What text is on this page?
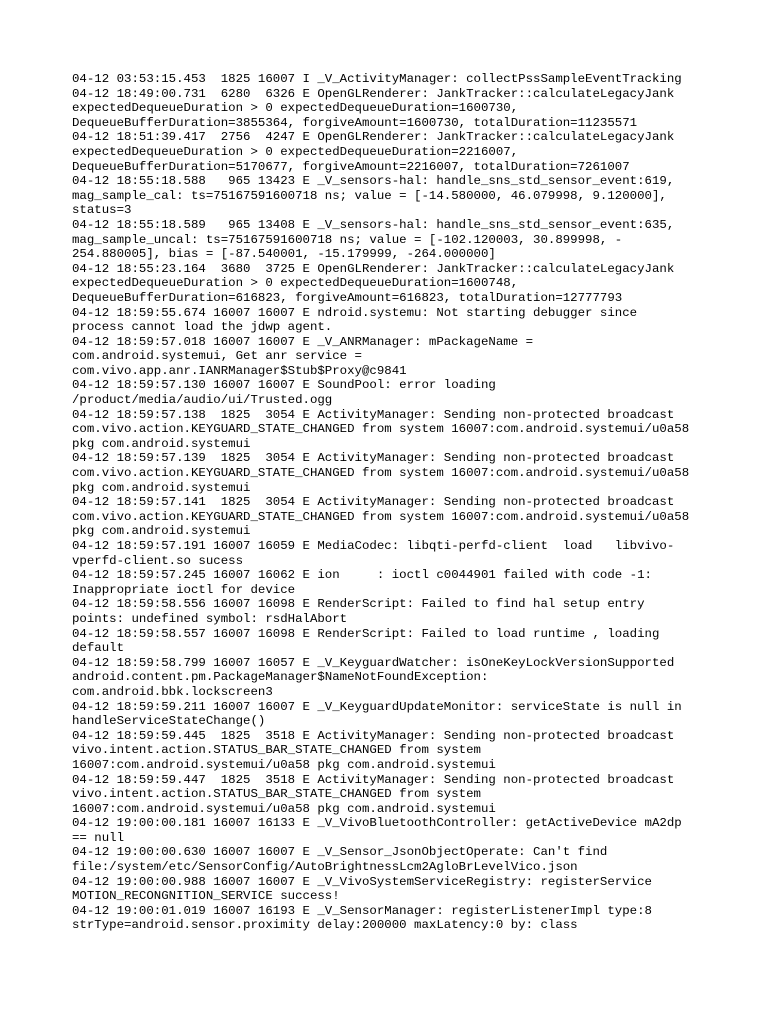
04-12 03:53:15.453  1825 16007 I _V_ActivityManager: collectPssSampleEventTracking
04-12 18:49:00.731  6280  6326 E OpenGLRenderer: JankTracker::calculateLegacyJank
expectedDequeueDuration > 0 expectedDequeueDuration=1600730,
DequeueBufferDuration=3855364, forgiveAmount=1600730, totalDuration=11235571
04-12 18:51:39.417  2756  4247 E OpenGLRenderer: JankTracker::calculateLegacyJank
expectedDequeueDuration > 0 expectedDequeueDuration=2216007,
DequeueBufferDuration=5170677, forgiveAmount=2216007, totalDuration=7261007
04-12 18:55:18.588   965 13423 E _V_sensors-hal: handle_sns_std_sensor_event:619,
mag_sample_cal: ts=75167591600718 ns; value = [-14.580000, 46.079998, 9.120000],
status=3
04-12 18:55:18.589   965 13408 E _V_sensors-hal: handle_sns_std_sensor_event:635,
mag_sample_uncal: ts=75167591600718 ns; value = [-102.120003, 30.899998, -
254.880005], bias = [-87.540001, -15.179999, -264.000000]
04-12 18:55:23.164  3680  3725 E OpenGLRenderer: JankTracker::calculateLegacyJank
expectedDequeueDuration > 0 expectedDequeueDuration=1600748,
DequeueBufferDuration=616823, forgiveAmount=616823, totalDuration=12777793
04-12 18:59:55.674 16007 16007 E ndroid.systemu: Not starting debugger since
process cannot load the jdwp agent.
04-12 18:59:57.018 16007 16007 E _V_ANRManager: mPackageName =
com.android.systemui, Get anr service =
com.vivo.app.anr.IANRManager$Stub$Proxy@c9841
04-12 18:59:57.130 16007 16007 E SoundPool: error loading
/product/media/audio/ui/Trusted.ogg
04-12 18:59:57.138  1825  3054 E ActivityManager: Sending non-protected broadcast
com.vivo.action.KEYGUARD_STATE_CHANGED from system 16007:com.android.systemui/u0a58
pkg com.android.systemui
04-12 18:59:57.139  1825  3054 E ActivityManager: Sending non-protected broadcast
com.vivo.action.KEYGUARD_STATE_CHANGED from system 16007:com.android.systemui/u0a58
pkg com.android.systemui
04-12 18:59:57.141  1825  3054 E ActivityManager: Sending non-protected broadcast
com.vivo.action.KEYGUARD_STATE_CHANGED from system 16007:com.android.systemui/u0a58
pkg com.android.systemui
04-12 18:59:57.191 16007 16059 E MediaCodec: libqti-perfd-client  load   libvivo-
vperfd-client.so sucess
04-12 18:59:57.245 16007 16062 E ion     : ioctl c0044901 failed with code -1:
Inappropriate ioctl for device
04-12 18:59:58.556 16007 16098 E RenderScript: Failed to find hal setup entry
points: undefined symbol: rsdHalAbort
04-12 18:59:58.557 16007 16098 E RenderScript: Failed to load runtime , loading
default
04-12 18:59:58.799 16007 16057 E _V_KeyguardWatcher: isOneKeyLockVersionSupported
android.content.pm.PackageManager$NameNotFoundException:
com.android.bbk.lockscreen3
04-12 18:59:59.211 16007 16007 E _V_KeyguardUpdateMonitor: serviceState is null in
handleServiceStateChange()
04-12 18:59:59.445  1825  3518 E ActivityManager: Sending non-protected broadcast
vivo.intent.action.STATUS_BAR_STATE_CHANGED from system
16007:com.android.systemui/u0a58 pkg com.android.systemui
04-12 18:59:59.447  1825  3518 E ActivityManager: Sending non-protected broadcast
vivo.intent.action.STATUS_BAR_STATE_CHANGED from system
16007:com.android.systemui/u0a58 pkg com.android.systemui
04-12 19:00:00.181 16007 16133 E _V_VivoBluetoothController: getActiveDevice mA2dp
== null
04-12 19:00:00.630 16007 16007 E _V_Sensor_JsonObjectOperate: Can't find
file:/system/etc/SensorConfig/AutoBrightnessLcm2AgloBrLevelVico.json
04-12 19:00:00.988 16007 16007 E _V_VivoSystemServiceRegistry: registerService
MOTION_RECONGNITION_SERVICE success!
04-12 19:00:01.019 16007 16193 E _V_SensorManager: registerListenerImpl type:8
strType=android.sensor.proximity delay:200000 maxLatency:0 by: class
